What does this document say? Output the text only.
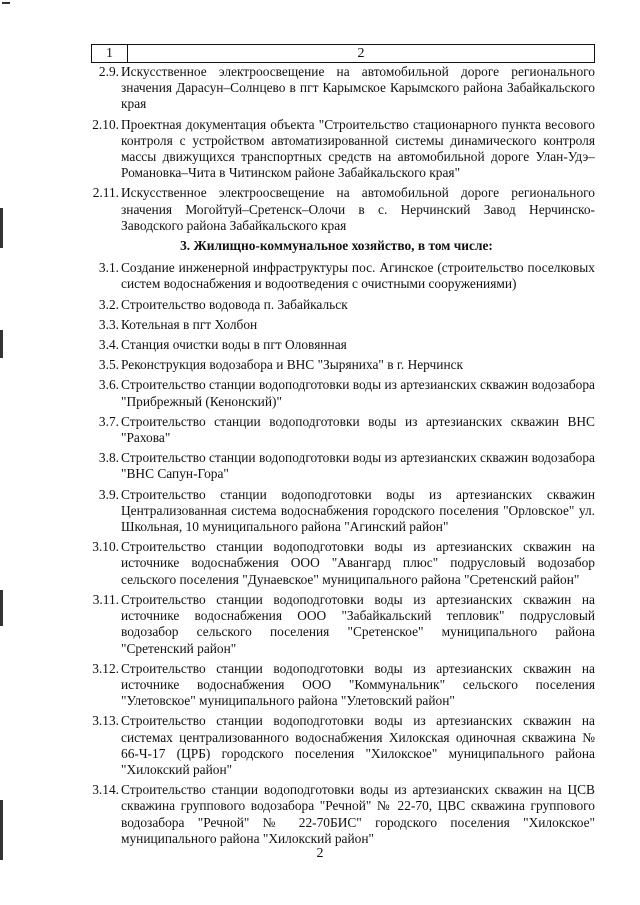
1	2
2.9. Искусственное электроосвещение на автомобильной дороге регионального значения Дарасун–Солнцево в пгт Карымское Карымского района Забайкальского края
2.10. Проектная документация объекта "Строительство стационарного пункта весового контроля с устройством автоматизированной системы динамического контроля массы движущихся транспортных средств на автомобильной дороге Улан-Удэ–Романовка–Чита в Читинском районе Забайкальского края"
2.11. Искусственное электроосвещение на автомобильной дороге регионального значения Могойтуй–Сретенск–Олочи в с. Нерчинский Завод Нерчинско-Заводского района Забайкальского края
3. Жилищно-коммунальное хозяйство, в том числе:
3.1. Создание инженерной инфраструктуры пос. Агинское (строительство поселковых систем водоснабжения и водоотведения с очистными сооружениями)
3.2. Строительство водовода п. Забайкальск
3.3. Котельная в пгт Холбон
3.4. Станция очистки воды в пгт Оловянная
3.5. Реконструкция водозабора и ВНС "Зыряниха" в г. Нерчинск
3.6. Строительство станции водоподготовки воды из артезианских скважин водозабора "Прибрежный (Кенонский)"
3.7. Строительство станции водоподготовки воды из артезианских скважин ВНС "Рахова"
3.8. Строительство станции водоподготовки воды из артезианских скважин водозабора "ВНС Сапун-Гора"
3.9. Строительство станции водоподготовки воды из артезианских скважин Централизованная система водоснабжения городского поселения "Орловское" ул. Школьная, 10 муниципального района "Агинский район"
3.10. Строительство станции водоподготовки воды из артезианских скважин на источнике водоснабжения ООО "Авангард плюс" подрусловый водозабор сельского поселения "Дунаевское" муниципального района "Сретенский район"
3.11. Строительство станции водоподготовки воды из артезианских скважин на источнике водоснабжения ООО "Забайкальский тепловик" подрусловый водозабор сельского поселения "Сретенское" муниципального района "Сретенский район"
3.12. Строительство станции водоподготовки воды из артезианских скважин на источнике водоснабжения ООО "Коммунальник" сельского поселения "Улетовское" муниципального района "Улетовский район"
3.13. Строительство станции водоподготовки воды из артезианских скважин на системах централизованного водоснабжения Хилокская одиночная скважина № 66-Ч-17 (ЦРБ) городского поселения "Хилокское" муниципального района "Хилокский район"
3.14. Строительство станции водоподготовки воды из артезианских скважин на ЦСВ скважина группового водозабора "Речной" № 22-70, ЦВС скважина группового водозабора "Речной" № 22-70БИС" городского поселения "Хилокское" муниципального района "Хилокский район"
2
